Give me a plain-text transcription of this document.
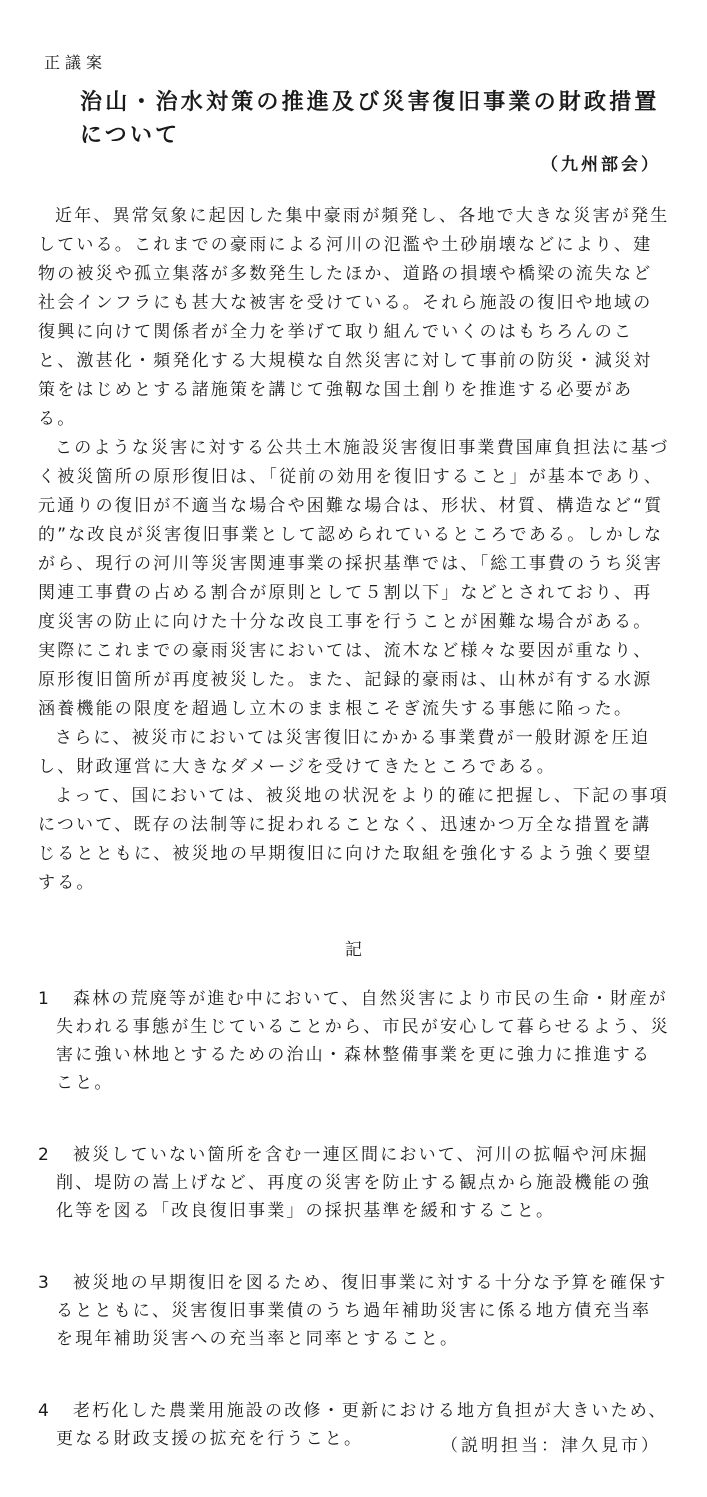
正議案
治山・治水対策の推進及び災害復旧事業の財政措置について
（九州部会）

近年、異常気象に起因した集中豪雨が頻発し、各地で大きな災害が発生している。これまでの豪雨による河川の氾濫や土砂崩壊などにより、建物の被災や孤立集落が多数発生したほか、道路の損壊や橋梁の流失など社会インフラにも甚大な被害を受けている。それら施設の復旧や地域の復興に向けて関係者が全力を挙げて取り組んでいくのはもちろんのこと、激甚化・頻発化する大規模な自然災害に対して事前の防災・減災対策をはじめとする諸施策を講じて強靱な国土創りを推進する必要がある。

このような災害に対する公共土木施設災害復旧事業費国庫負担法に基づく被災箇所の原形復旧は、「従前の効用を復旧すること」が基本であり、元通りの復旧が不適当な場合や困難な場合は、形状、材質、構造など“質的”な改良が災害復旧事業として認められているところである。しかしながら、現行の河川等災害関連事業の採択基準では、「総工事費のうち災害関連工事費の占める割合が原則として５割以下」などとされており、再度災害の防止に向けた十分な改良工事を行うことが困難な場合がある。実際にこれまでの豪雨災害においては、流木など様々な要因が重なり、原形復旧箇所が再度被災した。また、記録的豪雨は、山林が有する水源涵養機能の限度を超過し立木のまま根こそぎ流失する事態に陥った。

さらに、被災市においては災害復旧にかかる事業費が一般財源を圧迫し、財政運営に大きなダメージを受けてきたところである。

よって、国においては、被災地の状況をより的確に把握し、下記の事項について、既存の法制等に捉われることなく、迅速かつ万全な措置を講じるとともに、被災地の早期復旧に向けた取組を強化するよう強く要望する。

記
1	森林の荒廃等が進む中において、自然災害により市民の生命・財産が失われる事態が生じていることから、市民が安心して暮らせるよう、災害に強い林地とするための治山・森林整備事業を更に強力に推進すること。
2	被災していない箇所を含む一連区間において、河川の拡幅や河床掘削、堤防の嵩上げなど、再度の災害を防止する観点から施設機能の強化等を図る「改良復旧事業」の採択基準を緩和すること。
3	被災地の早期復旧を図るため、復旧事業に対する十分な予算を確保するとともに、災害復旧事業債のうち過年補助災害に係る地方債充当率を現年補助災害への充当率と同率とすること。
4	老朽化した農業用施設の改修・更新における地方負担が大きいため、更なる財政支援の拡充を行うこと。	（説明担当：津久見市）
